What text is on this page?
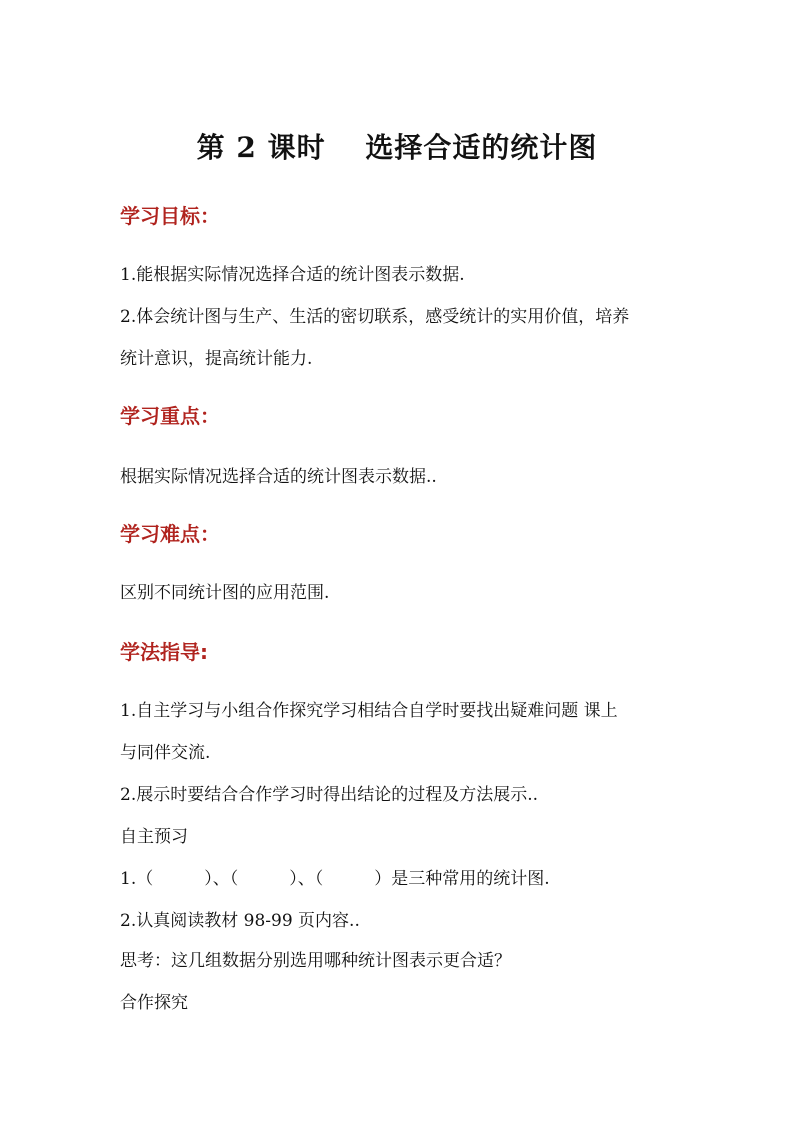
第 2 课时　 选择合适的统计图
学习目标：
1.能根据实际情况选择合适的统计图表示数据.
2.体会统计图与生产、生活的密切联系，感受统计的实用价值，培养
统计意识，提高统计能力.
学习重点：
根据实际情况选择合适的统计图表示数据..
学习难点：
区别不同统计图的应用范围.
学法指导:
1.自主学习与小组合作探究学习相结合自学时要找出疑难问题 课上
与同伴交流.
2.展示时要结合合作学习时得出结论的过程及方法展示..
自主预习
1.（　　　）、（　　　）、（　　　）是三种常用的统计图.
2.认真阅读教材 98-99 页内容..
思考：这几组数据分别选用哪种统计图表示更合适？
合作探究
